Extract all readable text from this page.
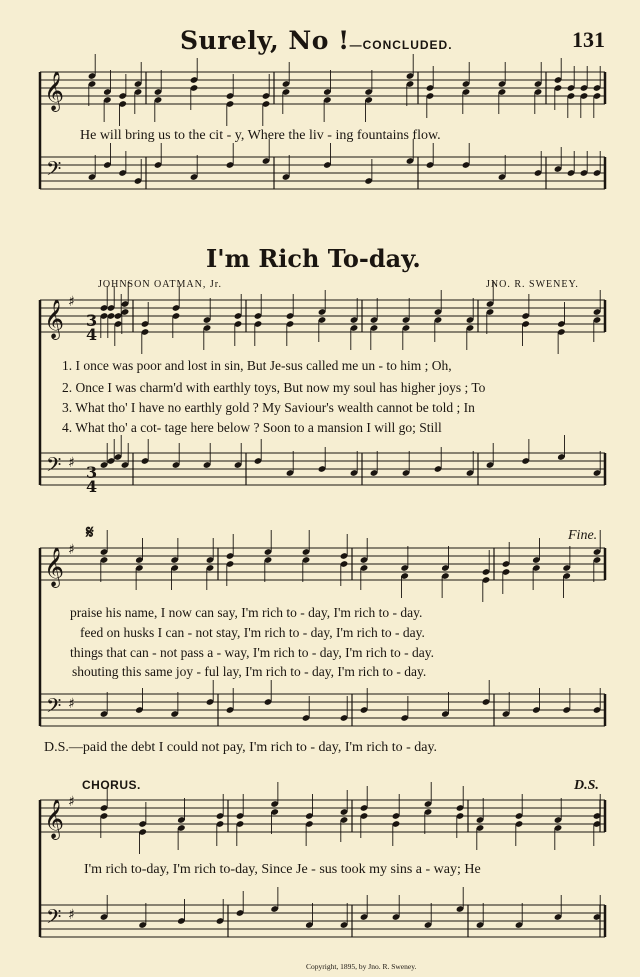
𝄞
𝄢
𝄞
𝄢
♯
♯
3
4
3
4
𝄞
𝄢
♯
♯
𝄞
𝄢
♯
♯
Surely, No !—CONCLUDED.	131
He will bring us to the cit - y, Where the liv - ing fountains flow.
I'm Rich To-day.
JOHNSON OATMAN, Jr.	JNO. R. SWENEY.
1. I once was poor and lost in sin, But Je-sus called me un - to him ; Oh,
2. Once I was charm'd with earthly toys, But now my soul has higher joys ; To
3. What tho' I have no earthly gold ? My Saviour's wealth cannot be told ; In
4. What tho' a cot- tage here below ? Soon to a mansion I will go; Still
𝄋	Fine.
praise his name, I now can say, I'm rich to - day, I'm rich to - day.
feed on husks I can - not stay, I'm rich to - day, I'm rich to - day.
things that can - not pass a - way, I'm rich to - day, I'm rich to - day.
shouting this same joy - ful lay, I'm rich to - day, I'm rich to - day.
D.S.—paid the debt I could not pay, I'm rich to - day, I'm rich to - day.
CHORUS.	D.S.
I'm rich to-day, I'm rich to-day, Since Je - sus took my sins a - way; He
Copyright, 1895, by Jno. R. Sweney.
